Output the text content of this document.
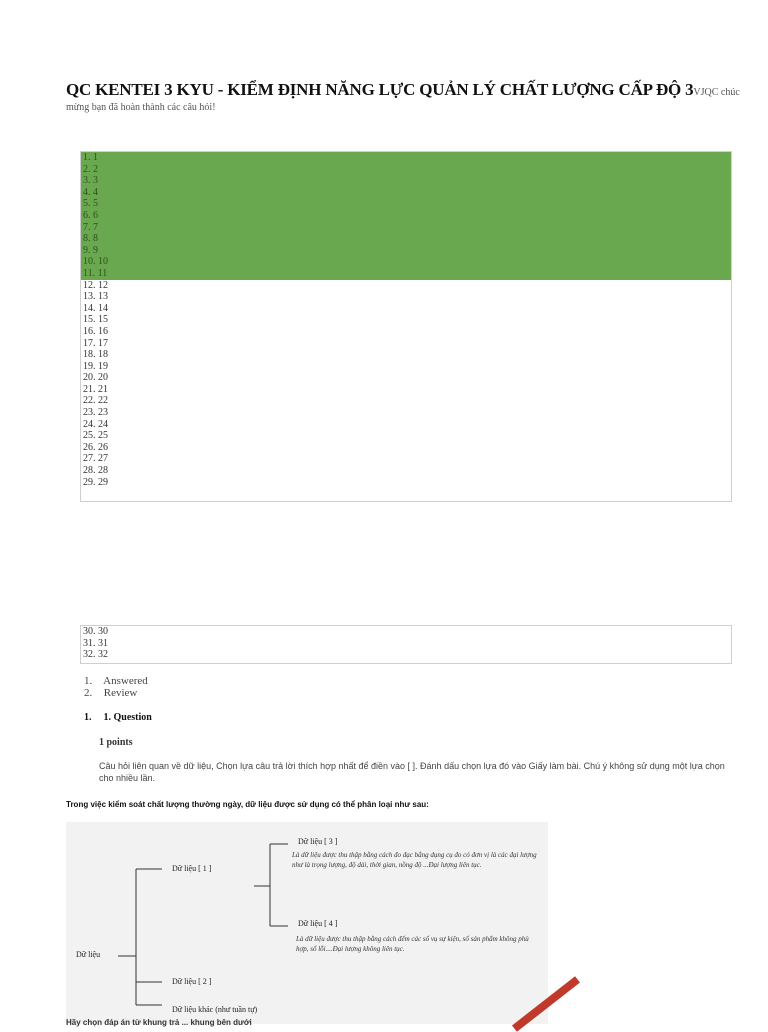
QC KENTEI 3 KYU - KIỂM ĐỊNH NĂNG LỰC QUẢN LÝ CHẤT LƯỢNG CẤP ĐỘ 3VJQC chúc
mừng bạn đã hoàn thành các câu hỏi!
1. 1
2. 2
3. 3
4. 4
5. 5
6. 6
7. 7
8. 8
9. 9
10. 10
11. 11
12. 12
13. 13
14. 14
15. 15
16. 16
17. 17
18. 18
19. 19
20. 20
21. 21
22. 22
23. 23
24. 24
25. 25
26. 26
27. 27
28. 28
29. 29
30. 30
31. 31
32. 32
1. Answered
2. Review
1. 1. Question
1 points
Câu hỏi liên quan về dữ liệu, Chọn lựa câu trả lời thích hợp nhất để điền vào [ ]. Đánh dấu chọn lựa đó vào Giấy làm bài. Chú ý không sử dụng một lựa chọn cho nhiều lần.
Trong việc kiểm soát chất lượng thường ngày, dữ liệu được sử dụng có thể phân loại như sau:
Dữ liệu
Dữ liệu [ 1 ]
Dữ liệu [ 2 ]
Dữ liệu khác (như tuần tự)
Dữ liệu [ 3 ]
Là dữ liệu được thu thập bằng cách đo đạc bằng dụng cụ đo có đơn vị là các đại lượng như là trọng lượng, độ dài, thời gian, nồng độ ...Đại lượng liên tục.
Dữ liệu [ 4 ]
Là dữ liệu được thu thập bằng cách đếm các số vụ sự kiện, số sản phẩm không phù hợp, số lỗi....Đại lượng không liên tục.
Hãy chọn đáp án từ khung trả ... khung bên dưới
